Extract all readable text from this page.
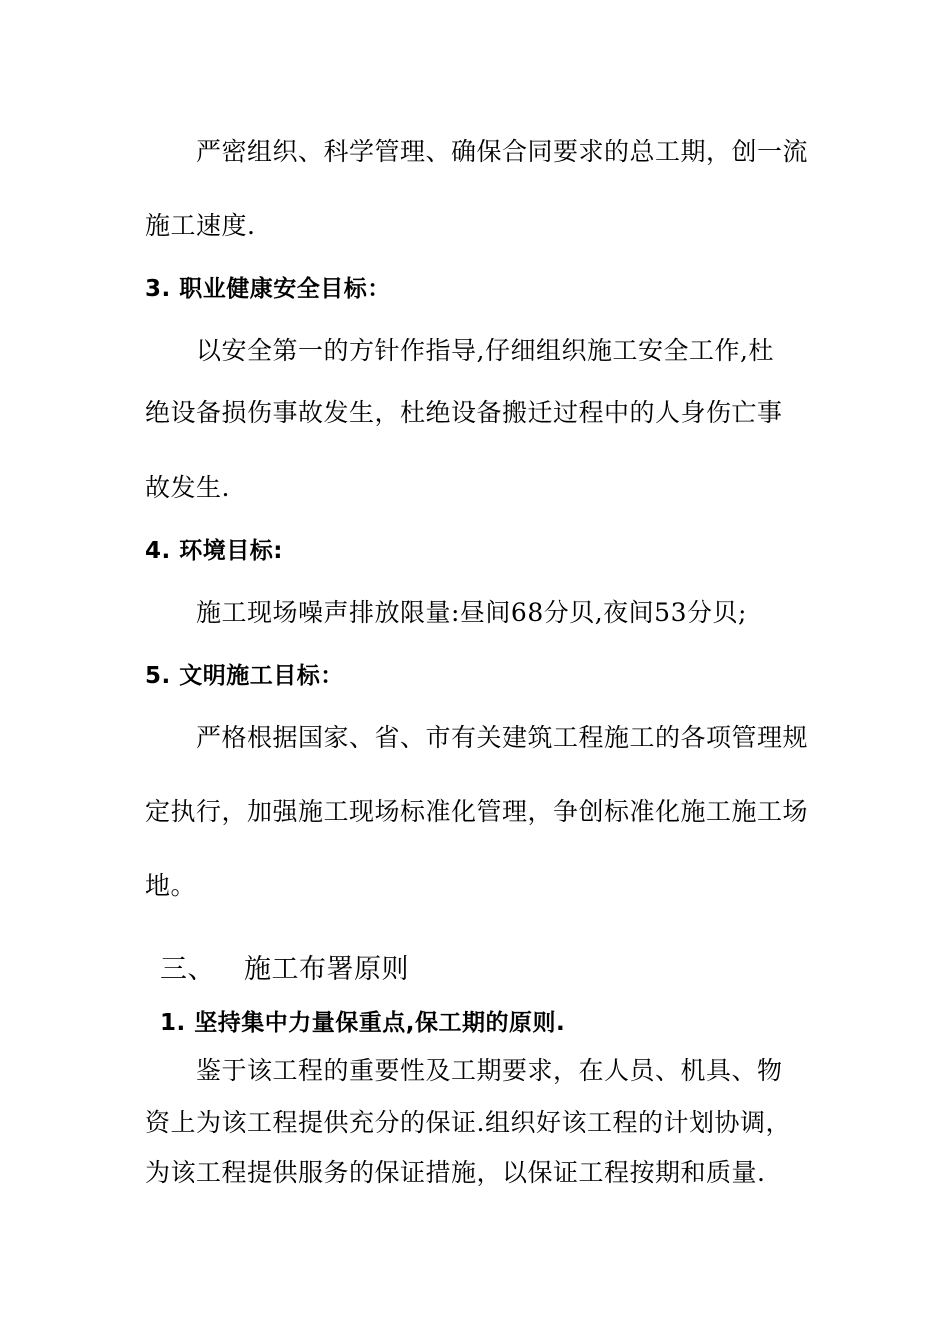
严密组织、科学管理、确保合同要求的总工期，创一流
施工速度.
3. 职业健康安全目标：
以安全第一的方针作指导,仔细组织施工安全工作,杜
绝设备损伤事故发生，杜绝设备搬迁过程中的人身伤亡事
故发生.
4. 环境目标:
施工现场噪声排放限量:昼间68分贝,夜间53分贝;
5. 文明施工目标：
严格根据国家、省、市有关建筑工程施工的各项管理规
定执行，加强施工现场标准化管理，争创标准化施工施工场
地。
三、 施工布署原则
1. 坚持集中力量保重点,保工期的原则.
鉴于该工程的重要性及工期要求，在人员、机具、物
资上为该工程提供充分的保证.组织好该工程的计划协调，
为该工程提供服务的保证措施，以保证工程按期和质量.
